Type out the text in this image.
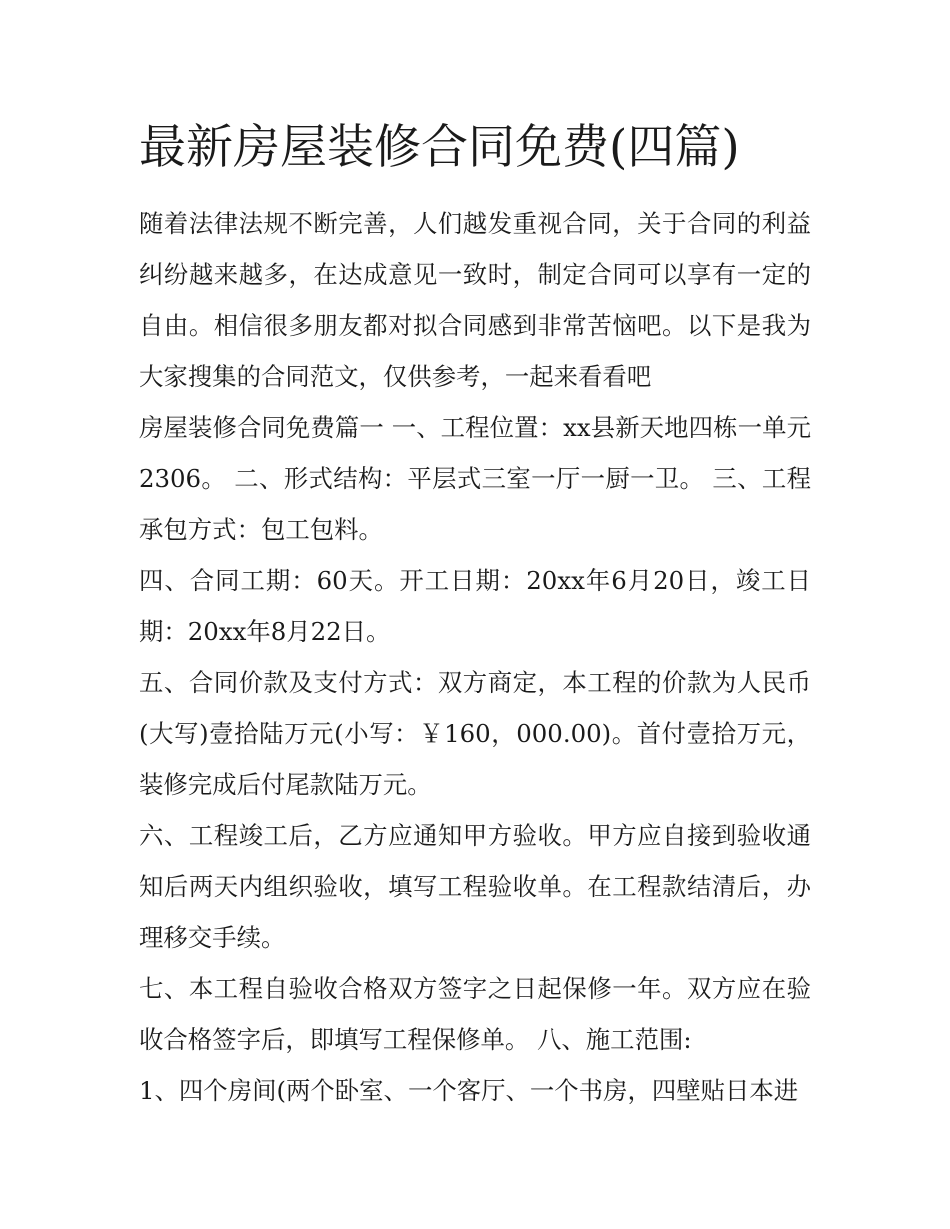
最新房屋装修合同免费(四篇)

随着法律法规不断完善，人们越发重视合同，关于合同的利益纠纷越来越多，在达成意见一致时，制定合同可以享有一定的自由。相信很多朋友都对拟合同感到非常苦恼吧。以下是我为大家搜集的合同范文，仅供参考，一起来看看吧

房屋装修合同免费篇一 一、工程位置：xx县新天地四栋一单元2306。 二、形式结构：平层式三室一厅一厨一卫。 三、工程承包方式：包工包料。

四、合同工期：60天。开工日期：20xx年6月20日，竣工日期：20xx年8月22日。

五、合同价款及支付方式：双方商定，本工程的价款为人民币(大写)壹拾陆万元(小写：￥160，000.00)。首付壹拾万元，装修完成后付尾款陆万元。

六、工程竣工后，乙方应通知甲方验收。甲方应自接到验收通知后两天内组织验收，填写工程验收单。在工程款结清后，办理移交手续。

七、本工程自验收合格双方签字之日起保修一年。双方应在验收合格签字后，即填写工程保修单。 八、施工范围:

1、四个房间(两个卧室、一个客厅、一个书房，四壁贴日本进
